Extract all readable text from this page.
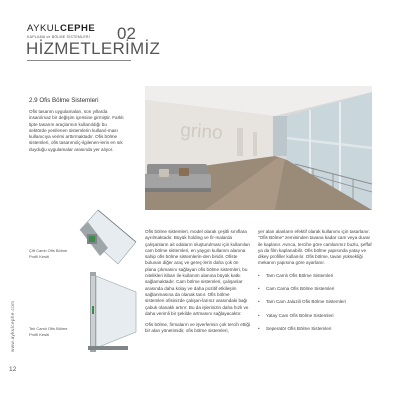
AYKULCEPHE
KAPLAMA ve BÖLME SİSTEMLERİ	02
HİZMETLERİMİZ
2.9 Ofis Bölme Sistemleri
Ofis tasarım uygulamaları, son yıllarda insan/imaz bir değişim içerisine girmiştir. Farklı tipte tasarım araçlarının kullanıldığı bu sektörde yenilenen sistemlerin kullanıl-ması kullanıcıya verimi arttırmaktadır. Ofis bölme sistemleri, ofis tasarımı/iç-ilgilenen-lerin en sık duyduğu uygulamalar arasında yer alıyor.
grino
Çift Camlı Ofis Bölme Profil Kesiti
Tek Camlı Ofis Bölme Profil Kesiti

Ofis bölme sistemleri, model olarak çeşitli sınıflara ayrılmaktadır. Büyük holding ve fir-malarda çalışanların ait odaların oluşturulması için kullanılan cam bölme sistemleri, en yaygın kullanım alanına sahip ofis bölme sistemlerin-den biridir. Ofiste bulunan diğer araç ve gereç-lerin daha çok ön plana çıkmasını sağlayan ofis bölme sistemleri, bu nitelikleri itibarı ile kullanım alanına büyük katkı sağlamaktadır. Cam bölme sistemleri, çalışanlar arasında daha kolay ve daha pozitif etkileşim sağlanmasına da olanak tanır. Ofis bölme sistemleri ofisinizde çalışan-larınız arasındaki bağı çabuk olanaklı artırır. Bu da işlerinizin daha hızlı ve daha verimli bir şekilde artmasını sağlayacaktır.

Ofis bölme, firmaların ve işverlerinin çok tercih ettiği bir alan yönetimidir, ofis bölme sistemleri,

yer alan alanların efektif olarak kullanımı için tasarlanır. "Ofis Bölme" zemininden tavana kadar cam veya duvar ile kaplanır. Avrıca, tercihe göre camlarımız buzlu, şeffaf ya da film kaplanabilir. Ofis bölme yapısında yatay ve dikey profiller kullanılır. Ofis bölme, tavan yüksekliği mekanın yapısına göre ayarlanır.

• Tam Camlı Ofis Bölme Sistemleri
• Cam Cama Ofis Bölme Sistemleri
• Tam Cam Jaluzili Ofis Bölme Sistemleri
• Yatay Cam Ofis Bölme Sistemleri
• Seperatör Ofis Bölme Sistemleri
www.aykulcephe.com
12
